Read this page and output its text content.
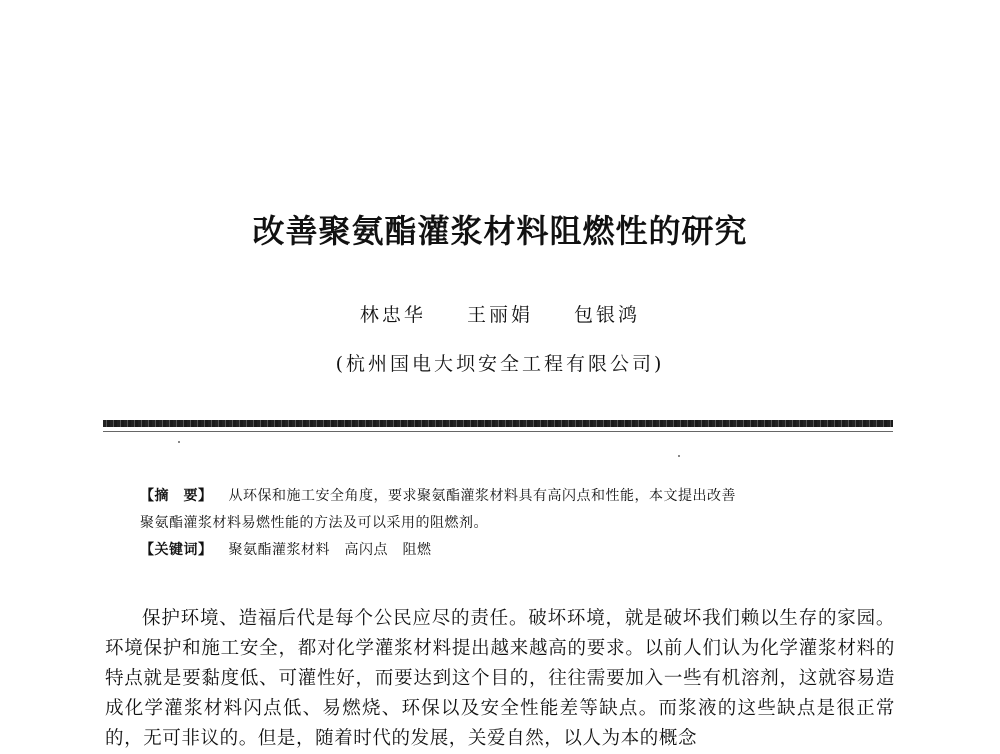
改善聚氨酯灌浆材料阻燃性的研究
林忠华 王丽娟 包银鸿
(杭州国电大坝安全工程有限公司)
【摘　要】 从环保和施工安全角度，要求聚氨酯灌浆材料具有高闪点和性能，本文提出改善
聚氨酯灌浆材料易燃性能的方法及可以采用的阻燃剂。
【关键词】 聚氨酯灌浆材料　高闪点　阻燃

保护环境、造福后代是每个公民应尽的责任。破坏环境，就是破坏我们赖以生存的家园。环境保护和施工安全，都对化学灌浆材料提出越来越高的要求。以前人们认为化学灌浆材料的特点就是要黏度低、可灌性好，而要达到这个目的，往往需要加入一些有机溶剂，这就容易造成化学灌浆材料闪点低、易燃烧、环保以及安全性能差等缺点。而浆液的这些缺点是很正常的，无可非议的。但是，随着时代的发展，关爱自然，以人为本的概念
